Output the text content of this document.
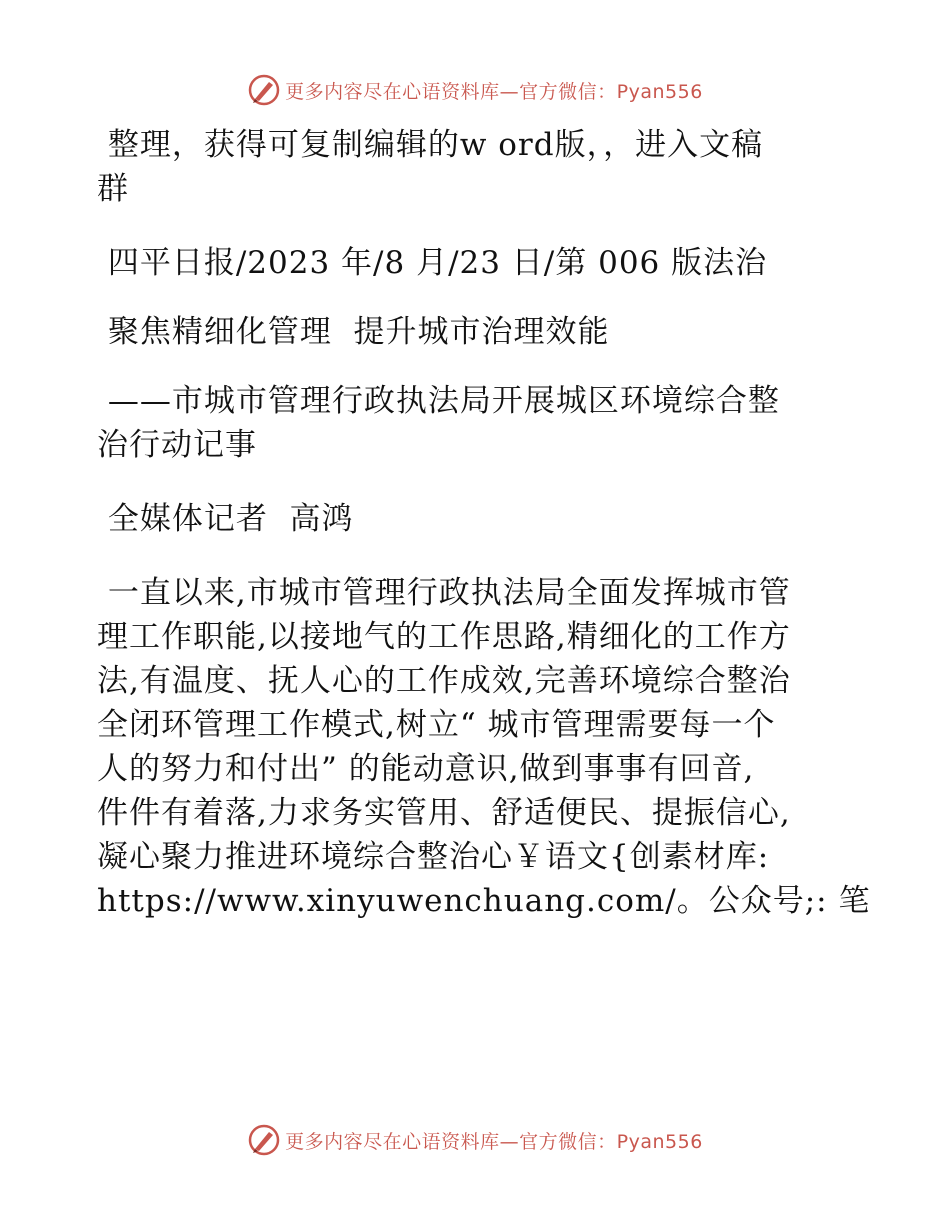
更多内容尽在心语资料库—官方微信：Pyan556
整理，获得可复制编辑的w ord版，，进入文稿
群
四平日报/2023 年/8 月/23 日/第 006 版法治
聚焦精细化管理  提升城市治理效能
——市城市管理行政执法局开展城区环境综合整
治行动记事
全媒体记者  高鸿
一直以来,市城市管理行政执法局全面发挥城市管
理工作职能,以接地气的工作思路,精细化的工作方
法,有温度、抚人心的工作成效,完善环境综合整治
全闭环管理工作模式,树立“ 城市管理需要每一个
人的努力和付出” 的能动意识,做到事事有回音,
件件有着落,力求务实管用、舒适便民、提振信心,
凝心聚力推进环境综合整治心￥语文{创素材库:
https://www.xinyuwenchuang.com/。公众号;: 笔
更多内容尽在心语资料库—官方微信：Pyan556
